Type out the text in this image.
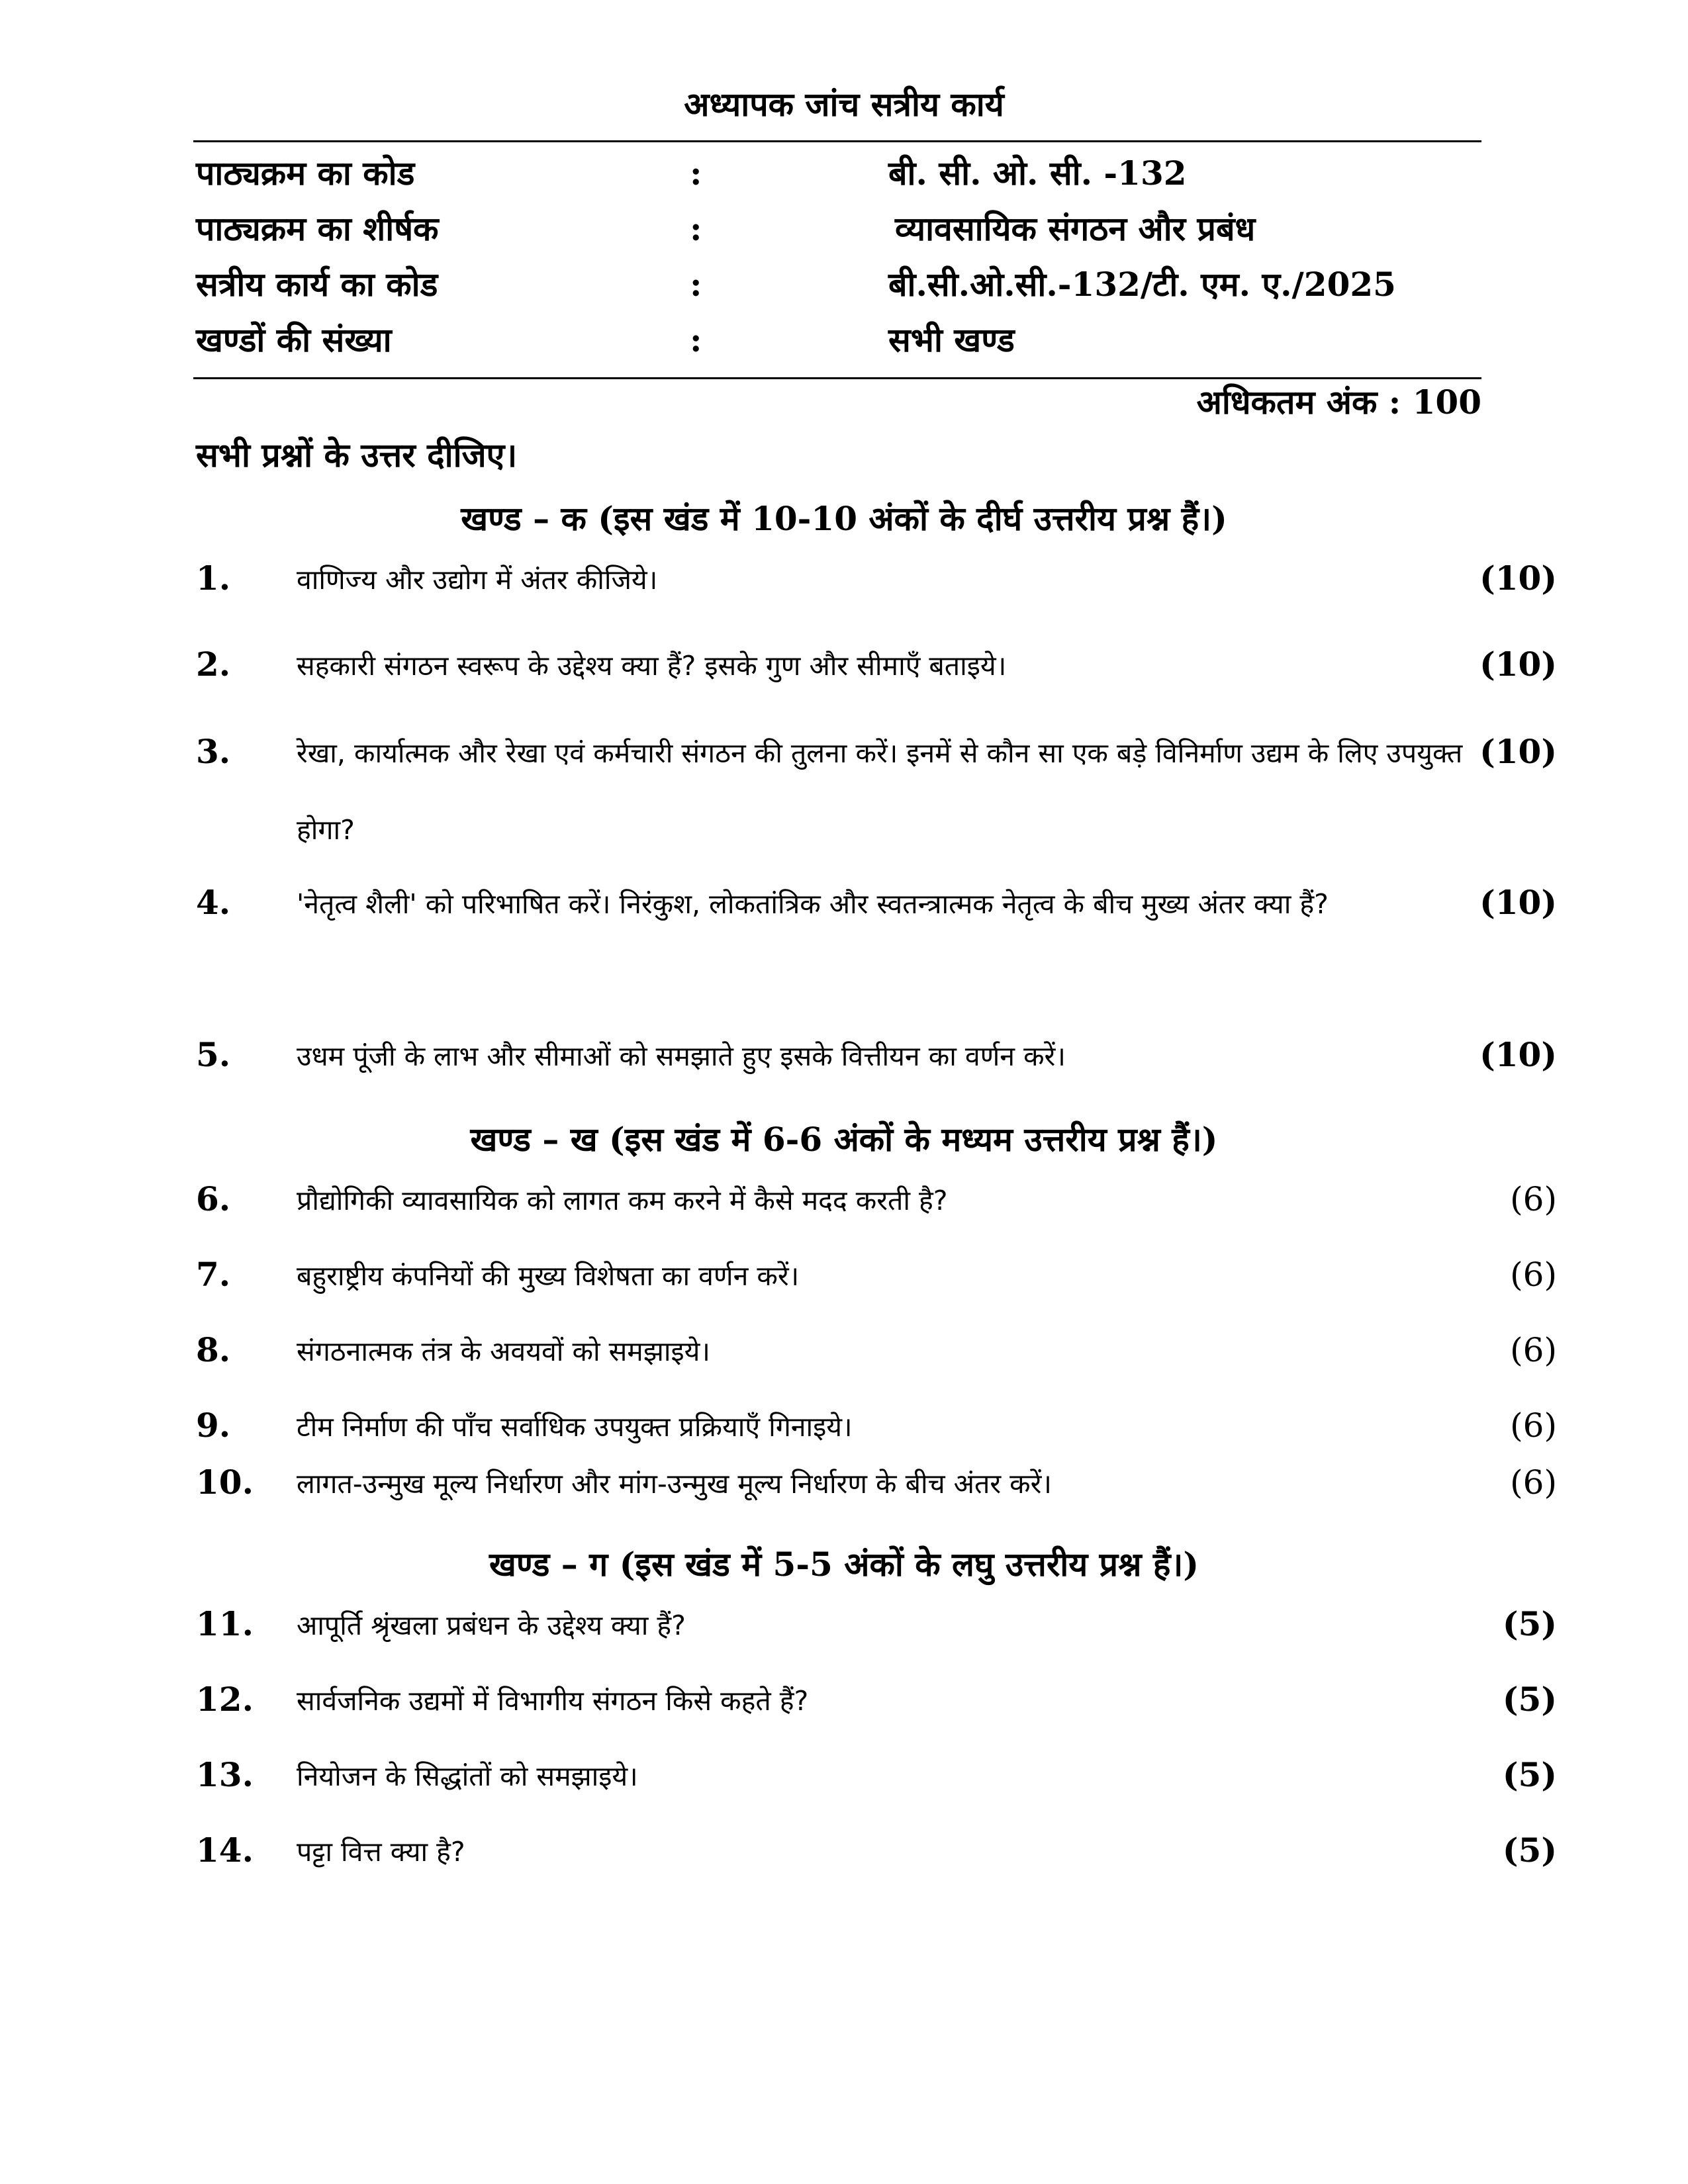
अध्यापक जांच सत्रीय कार्य
पाठ्यक्रम का कोड	:	बी. सी. ओ. सी. -132
पाठ्यक्रम का शीर्षक	:	व्यावसायिक संगठन और प्रबंध
सत्रीय कार्य का कोड	:	बी.सी.ओ.सी.-132/टी. एम. ए./2025
खण्डों की संख्या	:	सभी खण्ड
अधिकतम अंक : 100
सभी प्रश्नों के उत्तर दीजिए।
खण्ड – क (इस खंड में 10-10 अंकों के दीर्घ उत्तरीय प्रश्न हैं।)
1. वाणिज्य और उद्योग में अंतर कीजिये।	(10)
2. सहकारी संगठन स्वरूप के उद्देश्य क्या हैं? इसके गुण और सीमाएँ बताइये।	(10)
3. रेखा, कार्यात्मक और रेखा एवं कर्मचारी संगठन की तुलना करें। इनमें से कौन सा एक बड़े विनिर्माण उद्यम के लिए उपयुक्त होगा?
(10)
4. 'नेतृत्व शैली' को परिभाषित करें। निरंकुश, लोकतांत्रिक और स्वतन्त्रात्मक नेतृत्व के बीच मुख्य अंतर क्या हैं?	(10)
5. उधम पूंजी के लाभ और सीमाओं को समझाते हुए इसके वित्तीयन का वर्णन करें।	(10)
खण्ड – ख (इस खंड में 6-6 अंकों के मध्यम उत्तरीय प्रश्न हैं।)
6. प्रौद्योगिकी व्यावसायिक को लागत कम करने में कैसे मदद करती है?	(6)
7. बहुराष्ट्रीय कंपनियों की मुख्य विशेषता का वर्णन करें।	(6)
8. संगठनात्मक तंत्र के अवयवों को समझाइये।	(6)
9. टीम निर्माण की पाँच सर्वाधिक उपयुक्त प्रक्रियाएँ गिनाइये।	(6)
10. लागत-उन्मुख मूल्य निर्धारण और मांग-उन्मुख मूल्य निर्धारण के बीच अंतर करें।	(6)
खण्ड – ग (इस खंड में 5-5 अंकों के लघु उत्तरीय प्रश्न हैं।)
11. आपूर्ति श्रृंखला प्रबंधन के उद्देश्य क्या हैं?	(5)
12. सार्वजनिक उद्यमों में विभागीय संगठन किसे कहते हैं?	(5)
13. नियोजन के सिद्धांतों को समझाइये।	(5)
14. पट्टा वित्त क्या है?	(5)
